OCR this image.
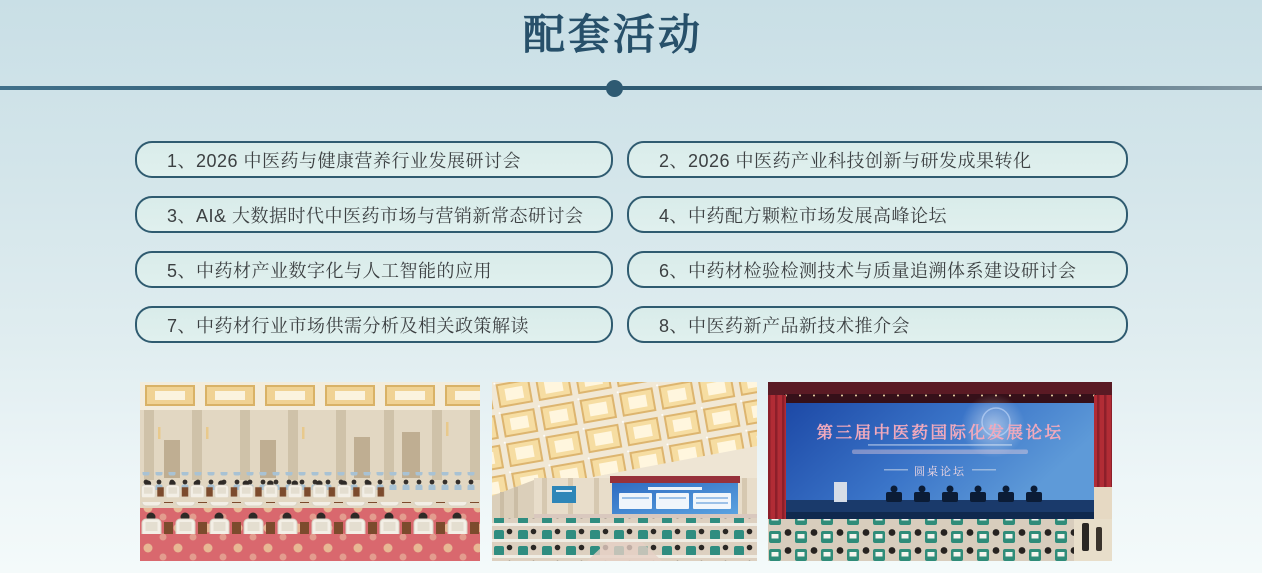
配套活动
1、2026 中医药与健康营养行业发展研讨会	2、2026 中医药产业科技创新与研发成果转化
3、AI& 大数据时代中医药市场与营销新常态研讨会	4、中药配方颗粒市场发展高峰论坛
5、中药材产业数字化与人工智能的应用	6、中药材检验检测技术与质量追溯体系建设研讨会
7、中药材行业市场供需分析及相关政策解读	8、中医药新产品新技术推介会
第三届中医药国际化发展论坛
圆桌论坛
